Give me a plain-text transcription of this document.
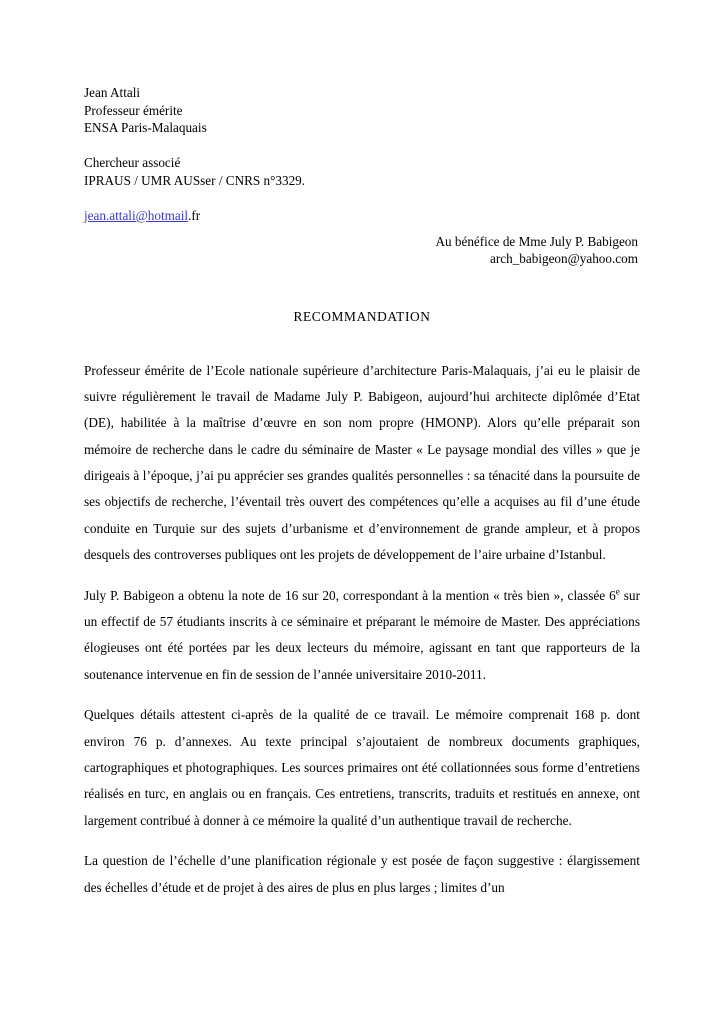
Jean Attali
Professeur émérite
ENSA Paris-Malaquais
Chercheur associé
IPRAUS / UMR AUSser / CNRS n°3329.
jean.attali@hotmail.fr
Au bénéfice de Mme July P. Babigeon
arch_babigeon@yahoo.com
RECOMMANDATION

Professeur émérite de l’Ecole nationale supérieure d’architecture Paris-Malaquais, j’ai eu le plaisir de suivre régulièrement le travail de Madame July P. Babigeon, aujourd’hui architecte diplômée d’Etat (DE), habilitée à la maîtrise d’œuvre en son nom propre (HMONP). Alors qu’elle préparait son mémoire de recherche dans le cadre du séminaire de Master « Le paysage mondial des villes » que je dirigeais à l’époque, j’ai pu apprécier ses grandes qualités personnelles : sa ténacité dans la poursuite de ses objectifs de recherche, l’éventail très ouvert des compétences qu’elle a acquises au fil d’une étude conduite en Turquie sur des sujets d’urbanisme et d’environnement de grande ampleur, et à propos desquels des controverses publiques ont les projets de développement de l’aire urbaine d’Istanbul.

July P. Babigeon a obtenu la note de 16 sur 20, correspondant à la mention « très bien », classée 6e sur un effectif de 57 étudiants inscrits à ce séminaire et préparant le mémoire de Master. Des appréciations élogieuses ont été portées par les deux lecteurs du mémoire, agissant en tant que rapporteurs de la soutenance intervenue en fin de session de l’année universitaire 2010-2011.

Quelques détails attestent ci-après de la qualité de ce travail. Le mémoire comprenait 168 p. dont environ 76 p. d’annexes. Au texte principal s’ajoutaient de nombreux documents graphiques, cartographiques et photographiques. Les sources primaires ont été collationnées sous forme d’entretiens réalisés en turc, en anglais ou en français. Ces entretiens, transcrits, traduits et restitués en annexe, ont largement contribué à donner à ce mémoire la qualité d’un authentique travail de recherche.

La question de l’échelle d’une planification régionale y est posée de façon suggestive : élargissement des échelles d’étude et de projet à des aires de plus en plus larges ; limites d’un
